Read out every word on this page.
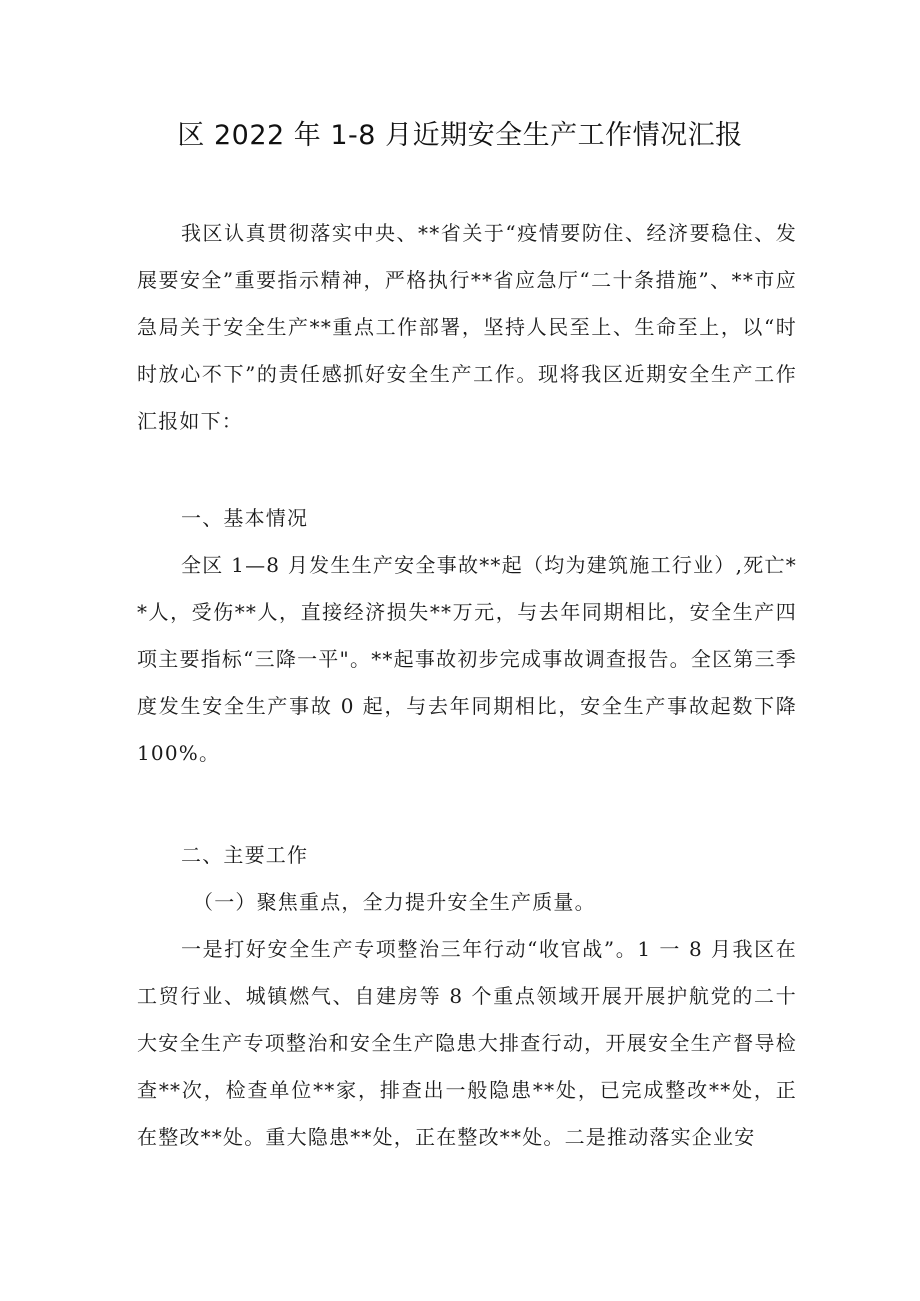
区 2022 年 1-8 月近期安全生产工作情况汇报
我区认真贯彻落实中央、**省关于“疫情要防住、经济要稳住、发展要安全”重要指示精神，严格执行**省应急厅“二十条措施”、**市应急局关于安全生产**重点工作部署，坚持人民至上、生命至上，以“时时放心不下”的责任感抓好安全生产工作。现将我区近期安全生产工作汇报如下：
一、基本情况
全区 1—8 月发生生产安全事故**起（均为建筑施工行业）,死亡**人，受伤**人，直接经济损失**万元，与去年同期相比，安全生产四项主要指标“三降一平"。**起事故初步完成事故调查报告。全区第三季度发生安全生产事故 0 起，与去年同期相比，安全生产事故起数下降 100%。
二、主要工作
（一）聚焦重点，全力提升安全生产质量。
一是打好安全生产专项整治三年行动“收官战”。1 一 8 月我区在工贸行业、城镇燃气、自建房等 8 个重点领域开展开展护航党的二十大安全生产专项整治和安全生产隐患大排查行动，开展安全生产督导检查**次，检查单位**家，排查出一般隐患**处，已完成整改**处，正在整改**处。重大隐患**处，正在整改**处。二是推动落实企业安
